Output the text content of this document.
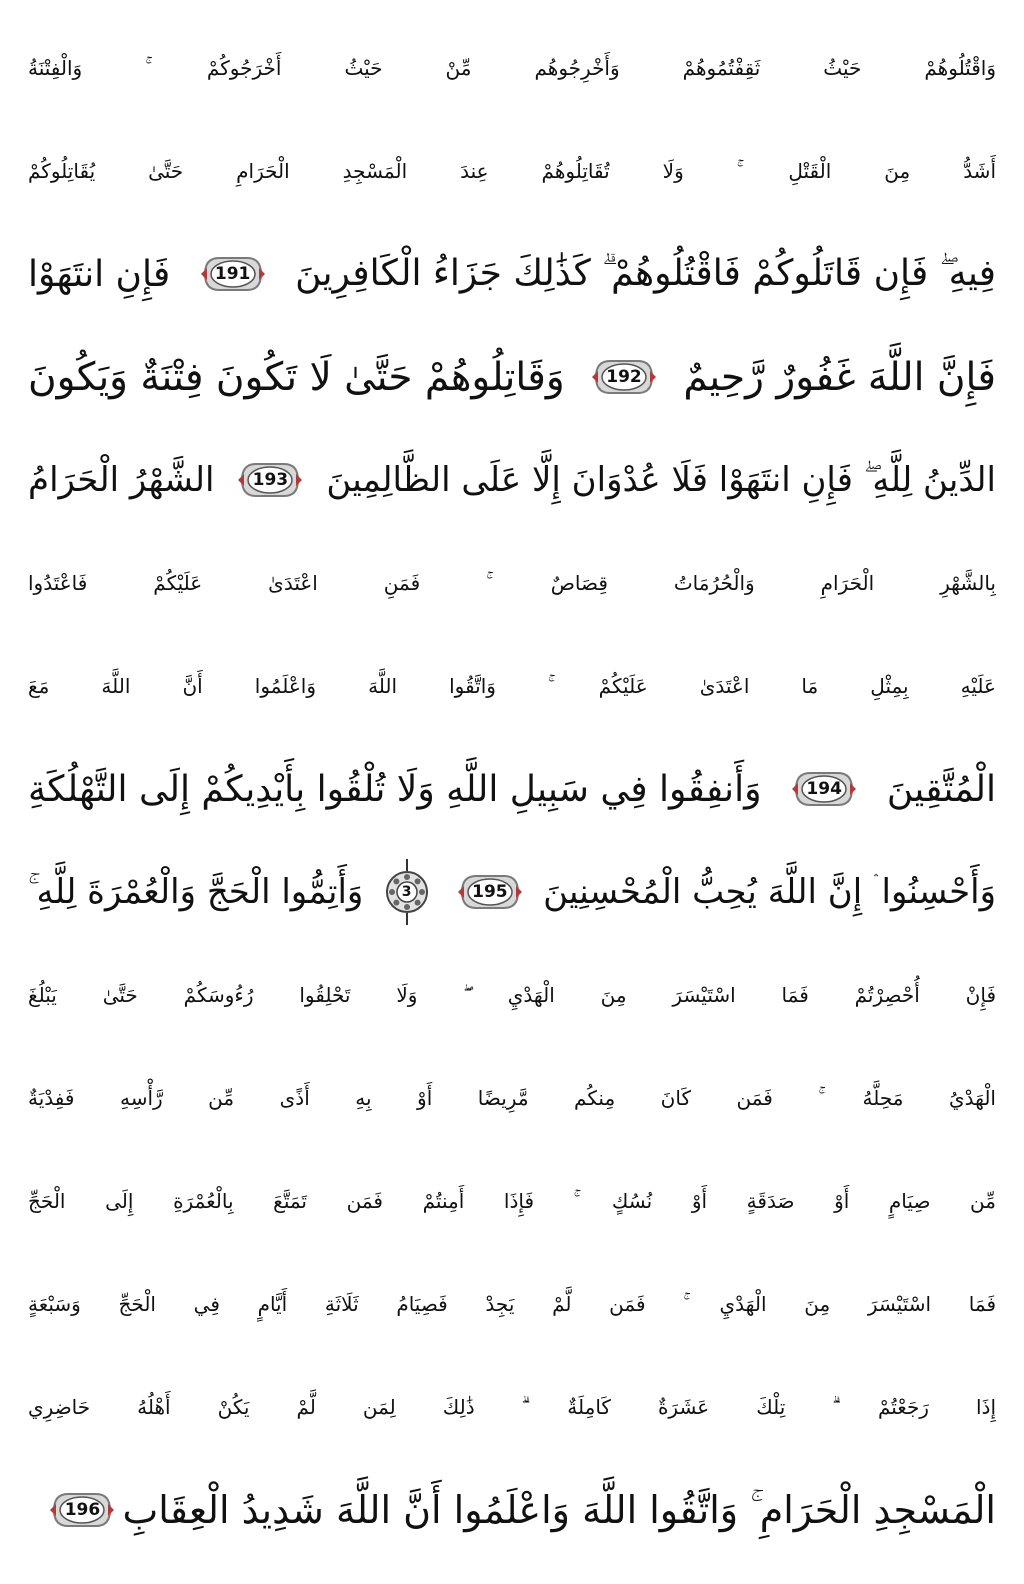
وَاقْتُلُوهُمْ حَيْثُ ثَقِفْتُمُوهُمْ وَأَخْرِجُوهُم مِّنْ حَيْثُ أَخْرَجُوكُمْ ۚ وَالْفِتْنَةُ
أَشَدُّ مِنَ الْقَتْلِ ۚ وَلَا تُقَاتِلُوهُمْ عِندَ الْمَسْجِدِ الْحَرَامِ حَتَّىٰ يُقَاتِلُوكُمْ
فِيهِ ۖ فَإِن قَاتَلُوكُمْ فَاقْتُلُوهُمْ ۗ كَذَٰلِكَ جَزَاءُ الْكَافِرِينَ
191
فَإِنِ انتَهَوْا
فَإِنَّ اللَّهَ غَفُورٌ رَّحِيمٌ
192
وَقَاتِلُوهُمْ حَتَّىٰ لَا تَكُونَ فِتْنَةٌ وَيَكُونَ
الدِّينُ لِلَّهِ ۖ فَإِنِ انتَهَوْا فَلَا عُدْوَانَ إِلَّا عَلَى الظَّالِمِينَ
193
الشَّهْرُ الْحَرَامُ
بِالشَّهْرِ الْحَرَامِ وَالْحُرُمَاتُ قِصَاصٌ ۚ فَمَنِ اعْتَدَىٰ عَلَيْكُمْ فَاعْتَدُوا
عَلَيْهِ بِمِثْلِ مَا اعْتَدَىٰ عَلَيْكُمْ ۚ وَاتَّقُوا اللَّهَ وَاعْلَمُوا أَنَّ اللَّهَ مَعَ
الْمُتَّقِينَ
194
وَأَنفِقُوا فِي سَبِيلِ اللَّهِ وَلَا تُلْقُوا بِأَيْدِيكُمْ إِلَى التَّهْلُكَةِ
وَأَحْسِنُوا ۛ إِنَّ اللَّهَ يُحِبُّ الْمُحْسِنِينَ
195
3
وَأَتِمُّوا الْحَجَّ وَالْعُمْرَةَ لِلَّهِ ۚ
فَإِنْ أُحْصِرْتُمْ فَمَا اسْتَيْسَرَ مِنَ الْهَدْيِ ۖ وَلَا تَحْلِقُوا رُءُوسَكُمْ حَتَّىٰ يَبْلُغَ
الْهَدْيُ مَحِلَّهُ ۚ فَمَن كَانَ مِنكُم مَّرِيضًا أَوْ بِهِ أَذًى مِّن رَّأْسِهِ فَفِدْيَةٌ
مِّن صِيَامٍ أَوْ صَدَقَةٍ أَوْ نُسُكٍ ۚ فَإِذَا أَمِنتُمْ فَمَن تَمَتَّعَ بِالْعُمْرَةِ إِلَى الْحَجِّ
فَمَا اسْتَيْسَرَ مِنَ الْهَدْيِ ۚ فَمَن لَّمْ يَجِدْ فَصِيَامُ ثَلَاثَةِ أَيَّامٍ فِي الْحَجِّ وَسَبْعَةٍ
إِذَا رَجَعْتُمْ ۗ تِلْكَ عَشَرَةٌ كَامِلَةٌ ۗ ذَٰلِكَ لِمَن لَّمْ يَكُنْ أَهْلُهُ حَاضِرِي
الْمَسْجِدِ الْحَرَامِ ۚ وَاتَّقُوا اللَّهَ وَاعْلَمُوا أَنَّ اللَّهَ شَدِيدُ الْعِقَابِ
196
